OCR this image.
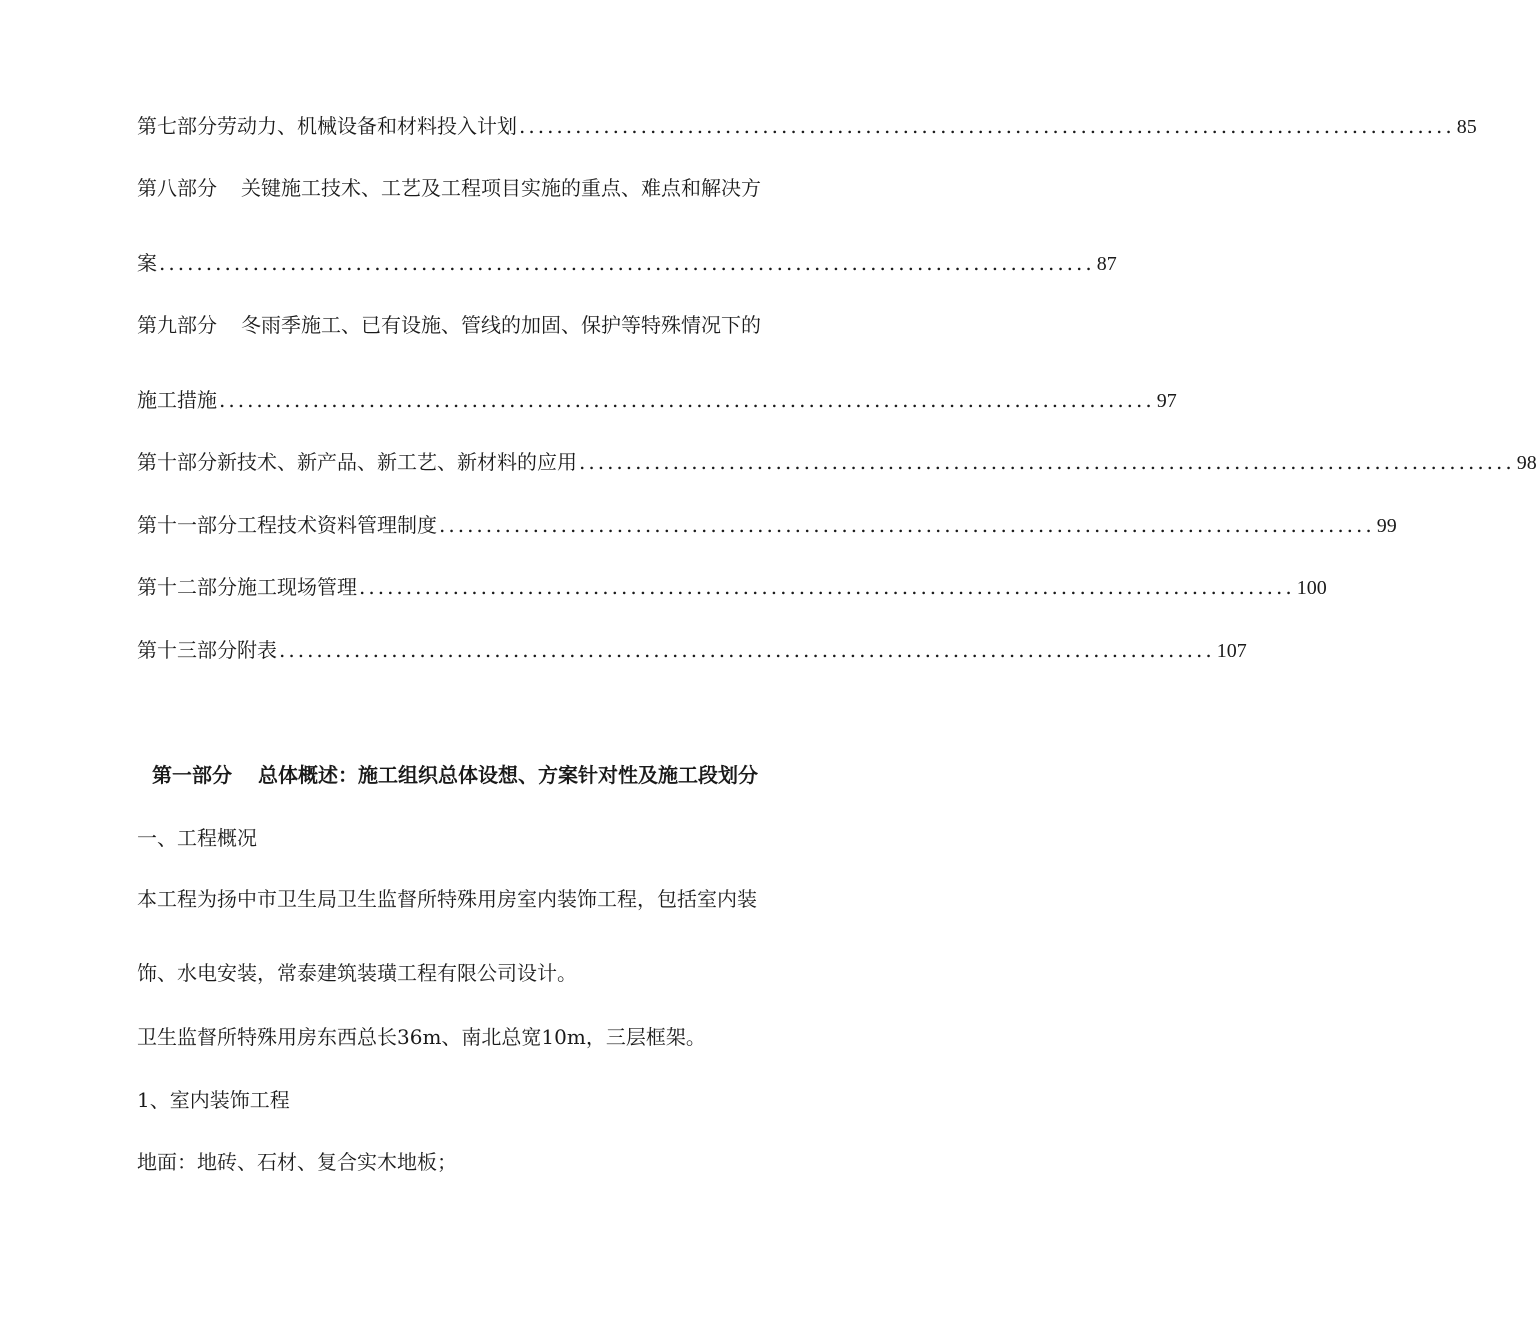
第七部分 劳动力、机械设备和材料投入计划 .................................................................................................... 85
第八部分 关键施工技术、工艺及工程项目实施的重点、难点和解决方
案 .................................................................................................... 87
第九部分 冬雨季施工、已有设施、管线的加固、保护等特殊情况下的
施工措施 .................................................................................................... 97
第十部分 新技术、新产品、新工艺、新材料的应用 .................................................................................................... 98
第十一部分 工程技术资料管理制度 .................................................................................................... 99
第十二部分 施工现场管理 .................................................................................................... 100
第十三部分 附表 .................................................................................................... 107
第一部分 总体概述：施工组织总体设想、方案针对性及施工段划分
一、工程概况
本工程为扬中市卫生局卫生监督所特殊用房室内装饰工程，包括室内装
饰、水电安装，常泰建筑装璜工程有限公司设计。
卫生监督所特殊用房东西总长36m、南北总宽10m，三层框架。
1、室内装饰工程
地面：地砖、石材、复合实木地板；
